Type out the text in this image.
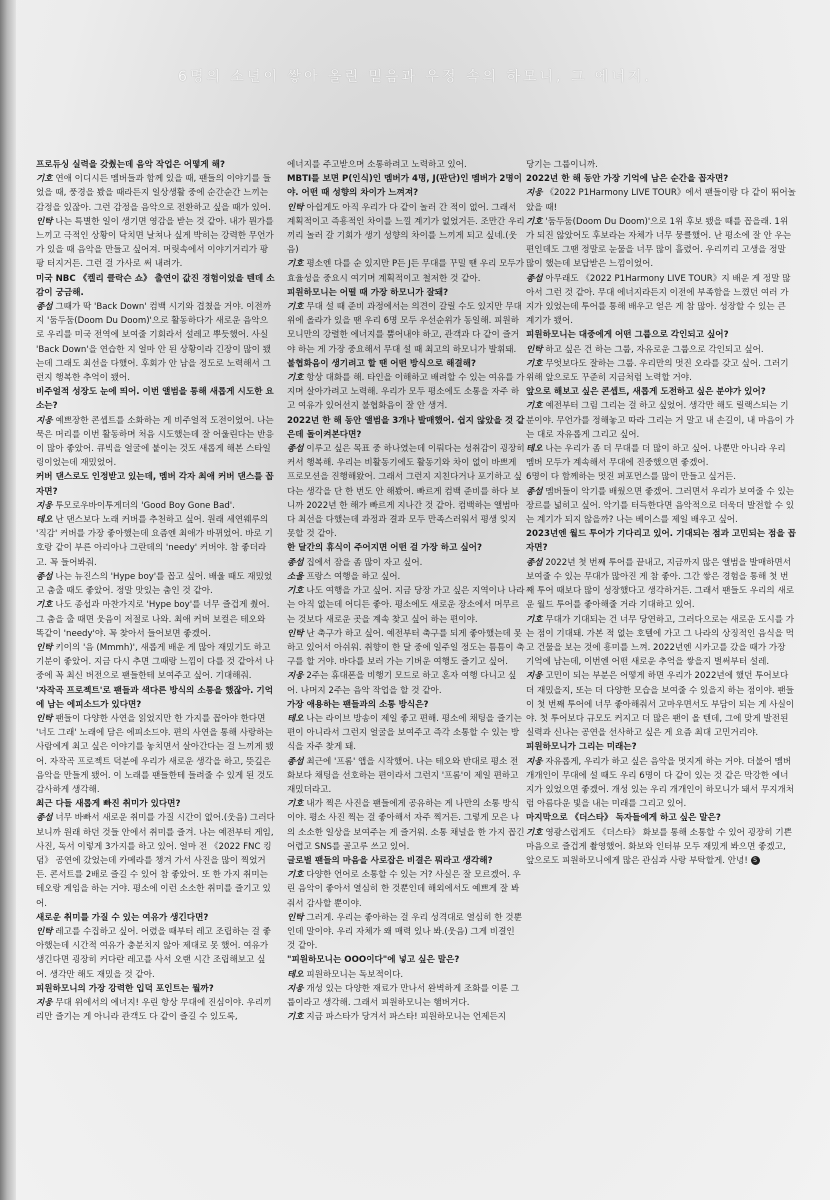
6명의 소년이 쌓아 올린 믿음과 우정 속의 하모니, 그 에너지.

프로듀싱 실력을 갖췄는데 음악 작업은 어떻게 해?

기호 연애 이디시든 멤버들과 함께 있을 때, 팬들의 이야기를 들었을 때, 풍경을 봤을 때라든지 일상생활 중에 순간순간 느끼는 감정을 있잖아. 그런 감정을 음악으로 전환하고 싶을 때가 있어.

인탁 나는 특별한 일이 생기면 영감을 받는 것 같아. 내가 뭔가를 느끼고 극적인 상황이 닥치면 날쳐나 싶게 박히는 강력한 무언가가 있을 때 음악을 만들고 싶어져. 머릿속에서 이야기거리가 팡팡 터지거든. 그런 걸 가사로 써 내려가.

미국 NBC 《켈리 클락슨 쇼》 출연이 값진 경험이었을 텐데 소감이 궁금해.

종섭 그때가 딱 'Back Down' 컴백 시기와 겹쳤을 거야. 이전까지 '둠두둠(Doom Du Doom)'으로 활동하다가 새로운 음악으로 우리를 미국 전역에 보여줄 기회라서 설레고 뿌듯했어. 사실 'Back Down'을 연습한 지 얼마 안 된 상황이라 긴장이 많이 됐는데 그래도 최선을 다했어. 후회가 안 남을 정도로 노력해서 그런지 행복한 추억이 됐어.

비주얼적 성장도 눈에 띄어. 이번 앨범을 통해 새롭게 시도한 요소는?

지웅 예쁘장한 콘셉트를 소화하는 게 비주얼적 도전이었어. 나는 묵은 머리를 이번 활동하며 처음 시도했는데 잘 어울린다는 반응이 많아 좋았어. 큐빅을 얼굴에 붙이는 것도 새롭게 해본 스타일링이었는데 재밌었어.

커버 댄스로도 인정받고 있는데, 멤버 각자 최애 커버 댄스를 꼽자면?

지웅 투모로우바이투게더의 'Good Boy Gone Bad'.

테오 난 댄스보다 노래 커버를 추천하고 싶어. 원래 세연웨루의 '직감' 커버를 가장 좋아했는데 요즘엔 최애가 바뀌었어. 바로 기호랑 같이 부른 아리아나 그란데의 'needy' 커버야. 참 좋더라고. 꼭 들어봐줘.

종섭 나는 뉴진스의 'Hype boy'를 꼽고 싶어. 배울 때도 재밌었고 춤출 때도 좋았어. 정말 맛있는 춤인 것 같아.

기호 나도 종섭과 마찬가지로 'Hype boy'를 너무 즐겁게 췄어. 그 춤을 출 때면 웃음이 저절로 나와. 최애 커버 보컬은 테오와 똑같이 'needy'야. 꼭 찾아서 들어보면 좋겠어.

인탁 키이의 '음 (Mmmh)', 새롭게 배운 게 많아 재밌기도 하고 기분이 좋았어. 지금 다시 추면 그때랑 느낌이 다를 것 같아서 나중에 꼭 최신 버전으로 팬들한테 보여주고 싶어. 기대해줘.

'자작곡 프로젝트'로 팬들과 색다른 방식의 소통을 했잖아. 기억에 남는 에피소드가 있다면?

인탁 팬들이 다양한 사연을 읽었지만 한 가지를 꼽아야 한다면 '너도 그래' 노래에 담은 에피소드야. 편의 사연을 통해 사랑하는 사람에게 최고 싶은 이야기를 놓치면서 살아간다는 걸 느끼게 됐어. 자작곡 프로젝트 덕분에 우리가 새로운 생각을 하고, 뜻깊은 음악을 만들게 됐어. 이 노래를 팬들한테 들려줄 수 있게 된 것도 감사하게 생각해.

최근 다들 새롭게 빠진 취미가 있다면?

종섭 너무 바빠서 새로운 취미를 가질 시간이 없어.(웃음) 그러다 보니까 원래 하던 것들 안에서 취미를 즐겨. 나는 예전부터 게임, 사진, 독서 이렇게 3가지를 하고 있어. 얼마 전 《2022 FNC 킹덤》 공연에 갔었는데 카메라를 챙겨 가서 사진을 많이 찍었거든. 콘서트를 2배로 즐길 수 있어 참 좋았어. 또 한 가지 취미는 테오랑 게임을 하는 거야. 평소에 이런 소소한 취미를 즐기고 있어.

새로운 취미를 가질 수 있는 여유가 생긴다면?

인탁 레고를 수집하고 싶어. 어렸을 때부터 레고 조립하는 걸 좋아했는데 시간적 여유가 충분치지 않아 제대로 못 했어. 여유가 생긴다면 굉장히 커다란 레고를 사서 오랜 시간 조립해보고 싶어. 생각만 해도 재밌을 것 같아.

피원하모니의 가장 강력한 입덕 포인트는 뭘까?

지웅 무대 위에서의 에너지! 우린 항상 무대에 진심이야. 우리끼리만 즐기는 게 아니라 관객도 다 같이 즐길 수 있도록,

에너지를 주고받으며 소통하려고 노력하고 있어.

MBTI를 보면 P(인식)인 멤버가 4명, J(판단)인 멤버가 2명이야. 어떤 때 성향의 차이가 느껴져?

인탁 아쉽게도 아직 우리가 다 같이 놀러 간 적이 없어. 그래서 계획적이고 즉흥적인 차이를 느낄 계기가 없었거든. 조만간 우리끼리 놀러 갈 기회가 생기 성향의 차이를 느끼게 되고 싶네.(웃음)

기호 평소엔 다를 순 있지만 P든 J든 무대를 꾸밀 땐 우리 모두가 효율성을 중요시 여기며 계획적이고 철저한 것 같아.

피원하모니는 어떨 때 가장 하모니가 잘돼?

기호 무대 설 때 준비 과정에서는 의견이 갈릴 수도 있지만 무대 위에 올라가 있을 땐 우리 6명 모두 우선순위가 동일해. 피원하모니만의 강렬한 에너지를 뿜어내야 하고, 관객과 다 같이 즐거야 하는 게 가장 중요해서 무대 설 때 최고의 하모니가 발휘돼.

불협화음이 생기려고 할 땐 어떤 방식으로 해결해?

기호 항상 대화를 해. 타인을 이해하고 배려할 수 있는 여유를 가지며 살아가려고 노력해. 우리가 모두 평소에도 소통을 자주 하고 여유가 있어선지 불협화음이 잘 안 생겨.

2022년 한 해 동안 앨범을 3개나 발매했어. 쉽지 않았을 것 같은데 돌이켜본다면?

종섭 이루고 싶은 목표 중 하나였는데 이뤄다는 성취감이 굉장히 커서 행복해. 우리는 비활동기에도 활동기와 차이 없이 바쁘게 프로모션을 진행해왔어. 그래서 그런지 지친다거나 포기하고 싶다는 생각을 단 한 번도 안 해봤어. 빠르게 컴백 준비를 하다 보니까 2022년 한 해가 빠르게 지나간 것 같아. 컴백하는 앨범마다 최선을 다했는데 과정과 결과 모두 만족스러워서 평생 잊지 못할 것 같아.

한 달간의 휴식이 주어지면 어떤 걸 가장 하고 싶어?

종섭 집에서 잠을 좀 많이 자고 싶어.

소울 프랑스 여행을 하고 싶어.

기호 나도 여행을 가고 싶어. 지금 당장 가고 싶은 지역이나 나라는 아직 없는데 어디든 좋아. 평소에도 새로운 장소에서 머무르는 것보다 새로운 곳을 계속 찾고 싶어 하는 편이야.

인탁 난 축구가 하고 싶어. 예전부터 축구를 되게 좋아했는데 못 하고 있어서 아쉬워. 취향이 한 달 중에 일주일 정도는 틈틈이 축구를 할 거야. 바다를 보러 가는 기버운 여행도 즐기고 싶어.

지웅 2주는 휴대폰을 비행기 모드로 하고 혼자 여행 다니고 싶어. 나머지 2주는 음악 작업을 할 것 같아.

가장 애용하는 팬들과의 소통 방식은?

테오 나는 라이브 방송이 제일 좋고 편해. 평소에 채팅을 즐기는 편이 아니라서 그런지 얼굴을 보여주고 즉각 소통할 수 있는 방식을 자주 찾게 돼.

종섭 최근에 '프롬' 앱을 시작했어. 나는 테오와 반대로 평소 전화보다 채팅을 선호하는 편이라서 그런지 '프롬'이 제일 편하고 재밌더라고.

기호 내가 찍은 사진을 팬들에게 공유하는 게 나만의 소통 방식이야. 평소 사진 찍는 걸 좋아해서 자주 찍거든. 그렇게 모은 나의 소소한 일상을 보여주는 게 즐거워. 소통 채널을 한 가지 꼽긴 어렵고 SNS를 골고루 쓰고 있어.

글로벌 팬들의 마음을 사로잡은 비결은 뭐라고 생각해?

기호 다양한 언어로 소통할 수 있는 거? 사실은 잘 모르겠어. 우린 음악이 좋아서 열심히 한 것뿐인데 해외에서도 예쁘게 잘 봐줘서 감사할 뿐이야.

인탁 그러게. 우리는 좋아하는 걸 우리 성격대로 열심히 한 것뿐인데 말이야. 우리 자체가 왜 매력 있나 봐.(웃음) 그게 비결인 것 같아.

"피원하모니는 OOO이다"에 넣고 싶은 말은?

테오 피원하모니는 독보적이다.

지웅 개성 있는 다양한 재료가 만나서 완벽하게 조화를 이룬 그룹이라고 생각해. 그래서 피원하모니는 햄버거다.

기호 지금 파스타가 당겨서 파스타! 피원하모니는 언제든지

당기는 그룹이니까.

2022년 한 해 동안 가장 기억에 남은 순간을 꼽자면?

지웅 《2022 P1Harmony LIVE TOUR》에서 팬들이랑 다 같이 뛰어놀았을 때!

기호 '둠두둠(Doom Du Doom)'으로 1위 후보 됐을 때를 꼽을래. 1위가 되진 않았어도 후보라는 자체가 너무 뭉클했어. 난 평소에 잘 안 우는 편인데도 그땐 정말로 눈물을 너무 많이 흘렸어. 우리끼리 고생을 정말 많이 했는데 보답받은 느낌이었어.

종섭 아무래도 《2022 P1Harmony LIVE TOUR》지 배운 게 정말 많아서 그런 것 같아. 무대 에너지라든지 이전에 부족함을 느꼈던 여러 가지가 있었는데 투어를 통해 배우고 얻은 게 참 많아. 성장할 수 있는 큰 계기가 됐어.

피원하모니는 대중에게 어떤 그룹으로 각인되고 싶어?

인탁 하고 싶은 건 하는 그룹, 자유로운 그룹으로 각인되고 싶어.

기호 무엇보다도 잘하는 그룹. 우리만의 멋진 오라를 갖고 싶어. 그러기 위해 앞으로도 꾸준히 지금처럼 노력할 거야.

앞으로 해보고 싶은 콘셉트, 새롭게 도전하고 싶은 분야가 있어?

기호 예전부터 그림 그리는 걸 하고 싶었어. 생각만 해도 릴랙스되는 기분이야. 무언가를 정해놓고 따라 그리는 거 말고 내 손길이, 내 마음이 가는 대로 자유롭게 그리고 싶어.

테오 나는 우리가 좀 더 무대를 더 많이 하고 싶어. 나뿐만 아니라 우리 멤버 모두가 계속해서 무대에 진중했으면 좋겠어.

6명이 다 함께하는 멋진 퍼포먼스를 많이 만들고 싶거든.

종섭 멤버들이 악기를 배웠으면 좋겠어. 그러면서 우리가 보여줄 수 있는 장르를 넓히고 싶어. 악기를 터득한다면 음악적으로 더욱더 발전할 수 있는 계기가 되지 않을까? 나는 베이스를 제일 배우고 싶어.

2023년엔 월드 투어가 기다리고 있어. 기대되는 점과 고민되는 점을 꼽자면?

종섭 2022년 첫 번째 투어를 끝내고, 지금까지 많은 앨범을 발매하면서 보여줄 수 있는 무대가 많아진 게 참 좋아. 그간 쌓은 경험을 통해 첫 번째 투어 때보다 많이 성장했다고 생각하거든. 그래서 팬들도 우리의 새로운 월드 투어를 좋아해줄 거라 기대하고 있어.

기호 무대가 기대되는 건 너무 당연하고, 그러다으로는 새로운 도시를 가는 점이 기대돼. 가본 적 없는 호텔에 가고 그 나라의 상징적인 음식을 먹고 건물을 보는 것에 흥미를 느껴. 2022년엔 시카고를 갔을 때가 가장 기억에 남는데, 이번엔 어떤 새로운 추억을 쌓을지 벌써부터 설레.

지웅 고민이 되는 부분은 어떻게 하면 우리가 2022년에 했던 투어보다 더 재밌을지, 또는 더 다양한 모습을 보여줄 수 있을지 하는 점이야. 팬들이 첫 번째 투어에 너무 좋아해줘서 고마우면서도 부담이 되는 게 사실이야. 첫 투어보다 규모도 커지고 더 많은 팬이 올 텐데, 그에 맞게 발전된 실력과 신나는 공연을 선사하고 싶은 게 요즘 최대 고민거리야.

피원하모니가 그리는 미래는?

지웅 자유롭게, 우리가 하고 싶은 음악을 멋지게 하는 거야. 더불어 멤버 개개인이 무대에 설 때도 우리 6명이 다 같이 있는 것 같은 막강한 에너지가 있었으면 좋겠어. 개성 있는 우리 개개인이 하모니가 돼서 무지개처럼 아름다운 빛을 내는 미래를 그리고 있어.

마지막으로 《더스타》 독자들에게 하고 싶은 말은?

기호 영광스럽게도 《더스타》 화보를 통해 소통할 수 있어 굉장히 기쁜 마음으로 즐겁게 촬영했어. 화보와 인터뷰 모두 재밌게 봐으면 좋겠고, 앞으로도 피원하모니에게 많은 관심과 사랑 부탁할게. 안녕! S
